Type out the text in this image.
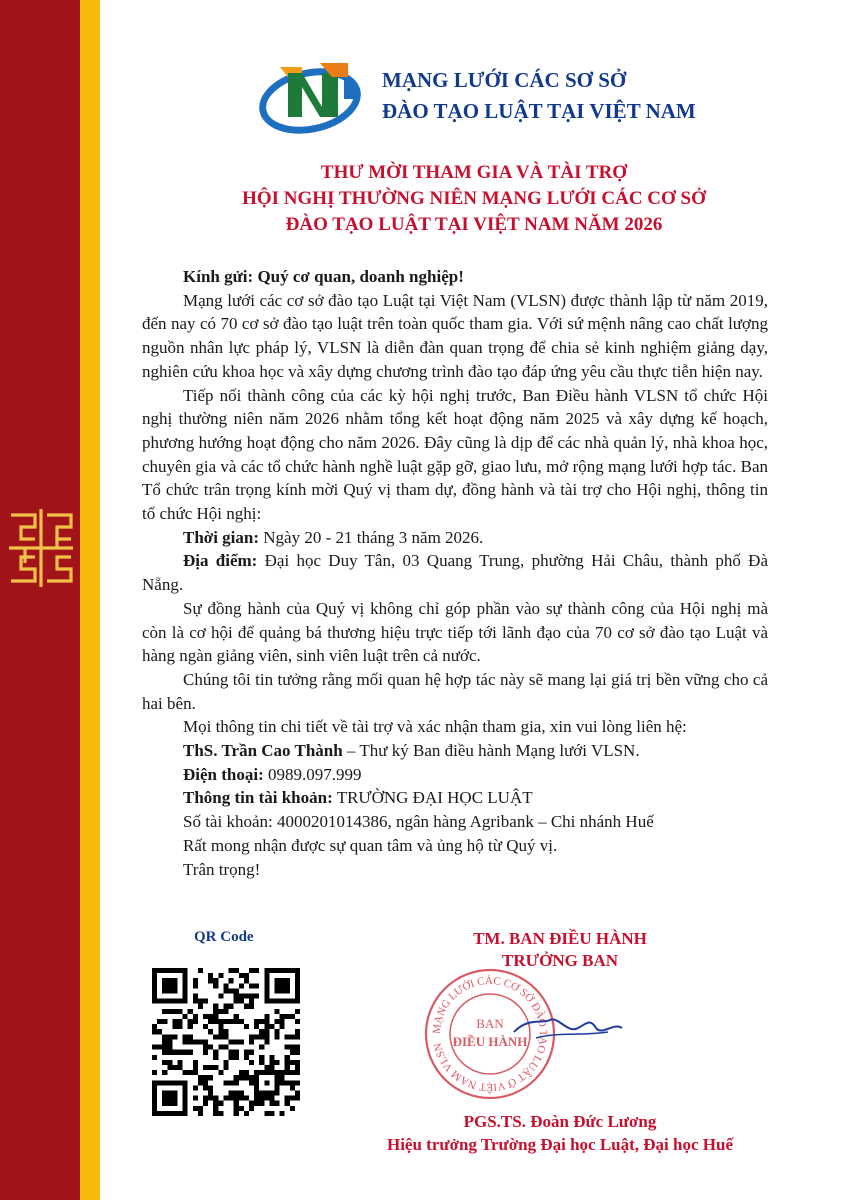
MẠNG LƯỚI CÁC SƠ SỞ
ĐÀO TẠO LUẬT TẠI VIỆT NAM
THƯ MỜI THAM GIA VÀ TÀI TRỢ
HỘI NGHỊ THƯỜNG NIÊN MẠNG LƯỚI CÁC CƠ SỞ
ĐÀO TẠO LUẬT TẠI VIỆT NAM NĂM 2026

Kính gửi: Quý cơ quan, doanh nghiệp!

Mạng lưới các cơ sở đào tạo Luật tại Việt Nam (VLSN) được thành lập từ năm 2019, đến nay có 70 cơ sở đào tạo luật trên toàn quốc tham gia. Với sứ mệnh nâng cao chất lượng nguồn nhân lực pháp lý, VLSN là diễn đàn quan trọng để chia sẻ kinh nghiệm giảng dạy, nghiên cứu khoa học và xây dựng chương trình đào tạo đáp ứng yêu cầu thực tiễn hiện nay.

Tiếp nối thành công của các kỳ hội nghị trước, Ban Điều hành VLSN tổ chức Hội nghị thường niên năm 2026 nhằm tổng kết hoạt động năm 2025 và xây dựng kế hoạch, phương hướng hoạt động cho năm 2026. Đây cũng là dịp để các nhà quản lý, nhà khoa học, chuyên gia và các tổ chức hành nghề luật gặp gỡ, giao lưu, mở rộng mạng lưới hợp tác. Ban Tổ chức trân trọng kính mời Quý vị tham dự, đồng hành và tài trợ cho Hội nghị, thông tin tổ chức Hội nghị:

Thời gian: Ngày 20 - 21 tháng 3 năm 2026.

Địa điểm: Đại học Duy Tân, 03 Quang Trung, phường Hải Châu, thành phố Đà Nẵng.

Sự đồng hành của Quý vị không chỉ góp phần vào sự thành công của Hội nghị mà còn là cơ hội để quảng bá thương hiệu trực tiếp tới lãnh đạo của 70 cơ sở đào tạo Luật và hàng ngàn giảng viên, sinh viên luật trên cả nước.

Chúng tôi tin tưởng rằng mối quan hệ hợp tác này sẽ mang lại giá trị bền vững cho cả hai bên.

Mọi thông tin chi tiết về tài trợ và xác nhận tham gia, xin vui lòng liên hệ:

ThS. Trần Cao Thành – Thư ký Ban điều hành Mạng lưới VLSN.

Điện thoại: 0989.097.999

Thông tin tài khoản: TRƯỜNG ĐẠI HỌC LUẬT

Số tài khoản: 4000201014386, ngân hàng Agribank – Chi nhánh Huế

Rất mong nhận được sự quan tâm và ủng hộ từ Quý vị.

Trân trọng!

QR Code	TM. BAN ĐIỀU HÀNH
TRƯỞNG BAN
MẠNG LƯỚI CÁC CƠ SỞ ĐÀO TẠO LUẬT Ở VIỆT NAM VLSN
BAN
ĐIỀU HÀNH
PGS.TS. Đoàn Đức Lương
Hiệu trưởng Trường Đại học Luật, Đại học Huế
